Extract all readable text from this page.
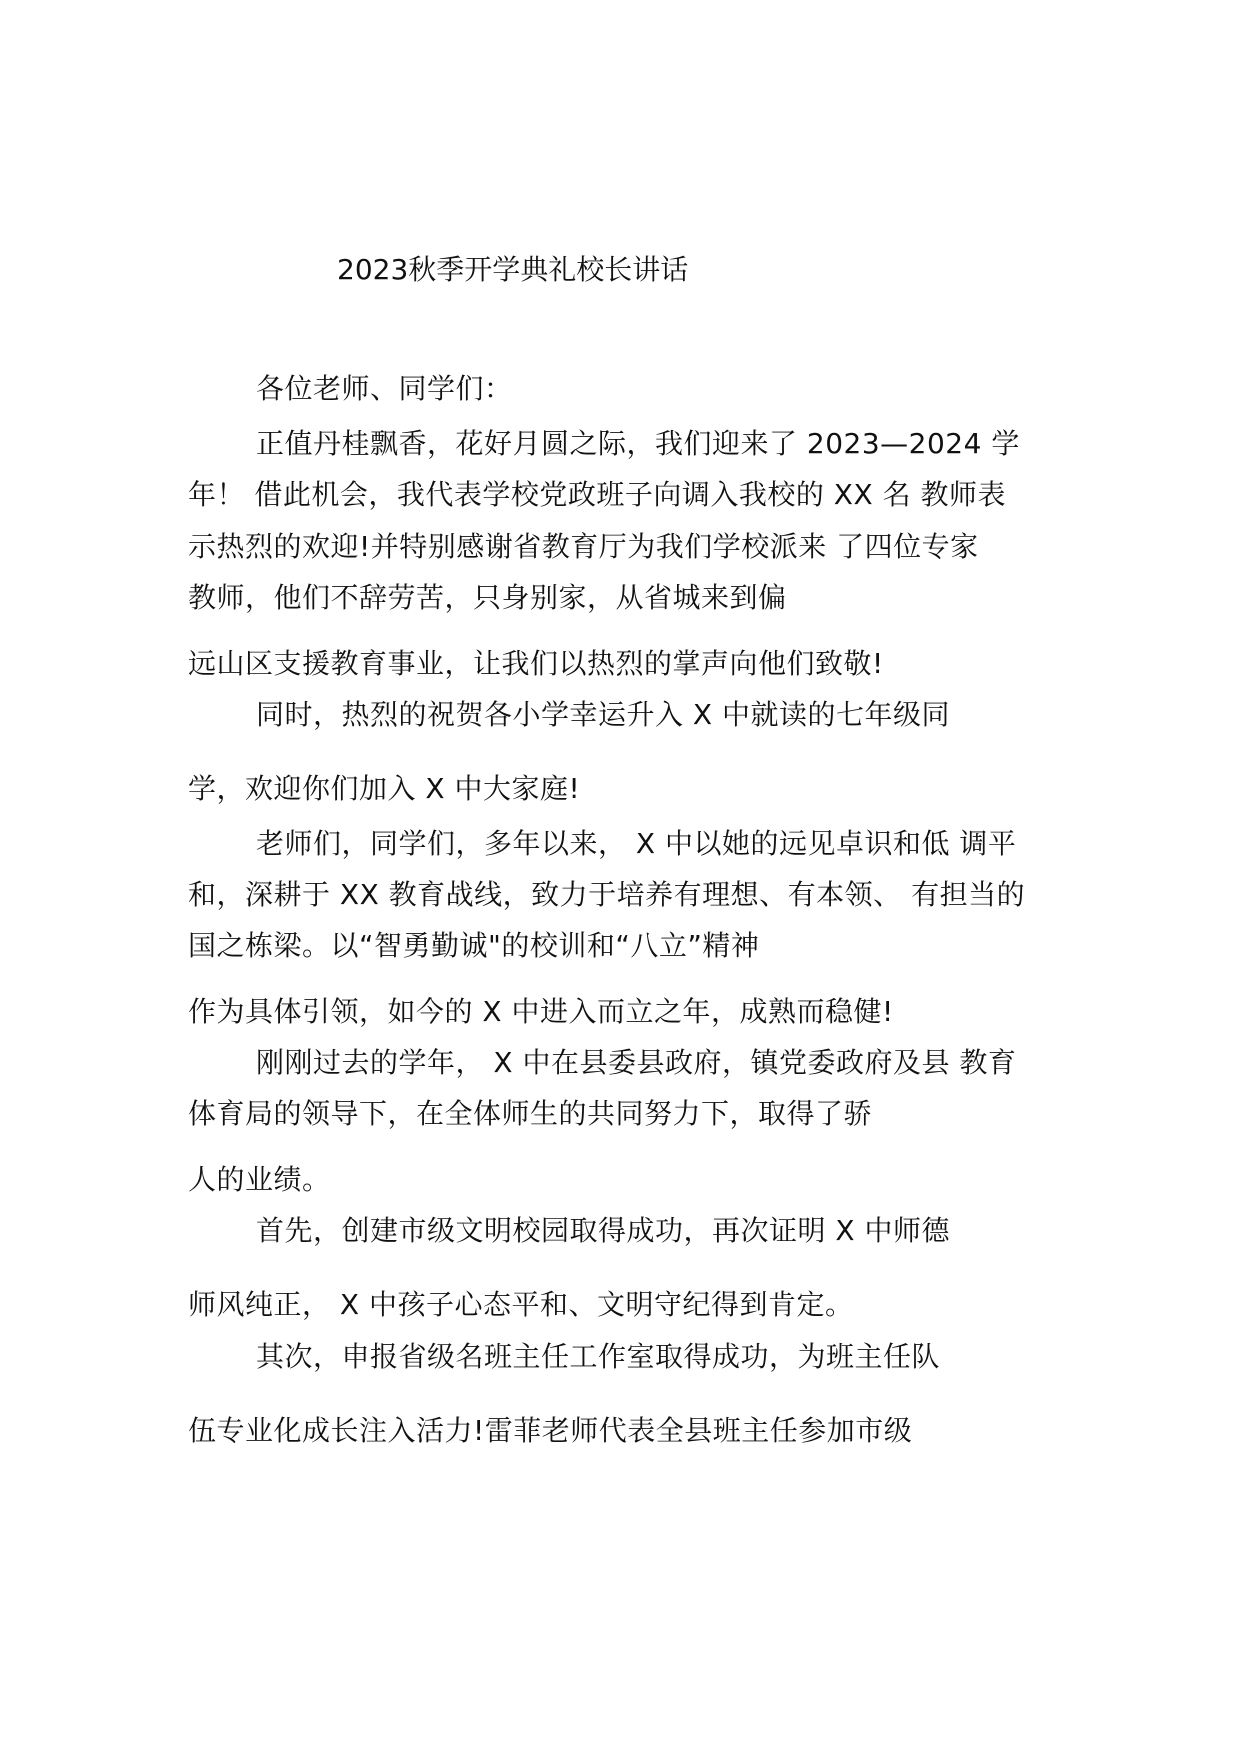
2023秋季开学典礼校长讲话
各位老师、同学们：
正值丹桂飘香，花好月圆之际，我们迎来了 2023—2024 学
年！ 借此机会，我代表学校党政班子向调入我校的 XX 名 教师表
示热烈的欢迎!并特别感谢省教育厅为我们学校派来 了四位专家
教师，他们不辞劳苦，只身别家，从省城来到偏
远山区支援教育事业，让我们以热烈的掌声向他们致敬!
同时，热烈的祝贺各小学幸运升入 X 中就读的七年级同
学，欢迎你们加入 X 中大家庭!
老师们，同学们，多年以来， X 中以她的远见卓识和低 调平
和，深耕于 XX 教育战线，致力于培养有理想、有本领、 有担当的
国之栋梁。以“智勇勤诚"的校训和“八立”精神
作为具体引领，如今的 X 中进入而立之年，成熟而稳健!
刚刚过去的学年， X 中在县委县政府，镇党委政府及县 教育
体育局的领导下，在全体师生的共同努力下，取得了骄
人的业绩。
首先，创建市级文明校园取得成功，再次证明 X 中师德
师风纯正， X 中孩子心态平和、文明守纪得到肯定。
其次，申报省级名班主任工作室取得成功，为班主任队
伍专业化成长注入活力!雷菲老师代表全县班主任参加市级
